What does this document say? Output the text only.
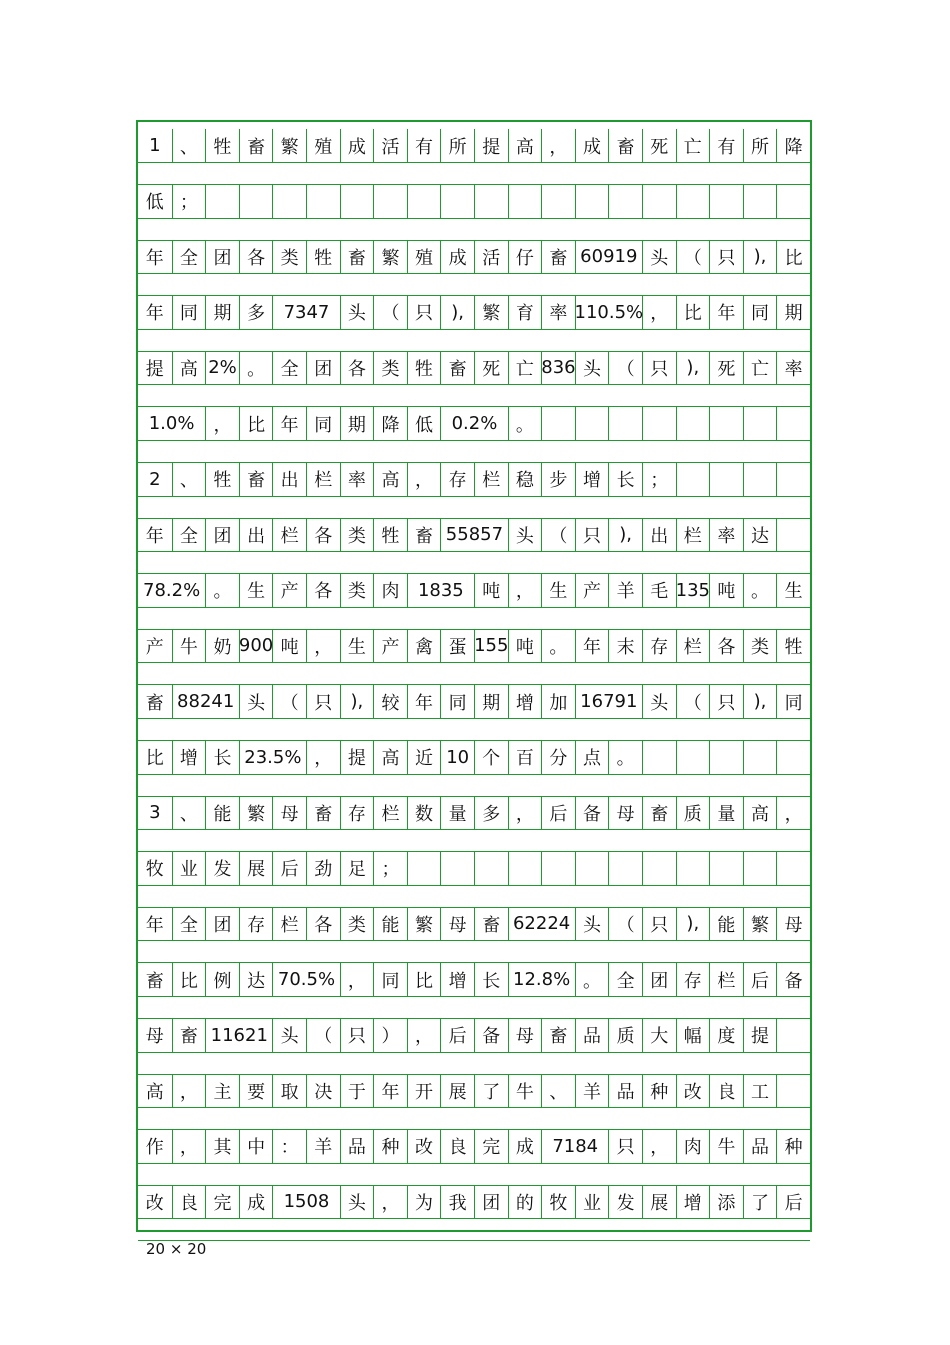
1 、 牲 畜 繁 殖 成 活 有 所 提 高 ， 成 畜 死 亡 有 所 降
低 ；
年 全 团 各 类 牲 畜 繁 殖 成 活 仔 畜 60919 头 （ 只 ), 比
年 同 期 多 7347 头 （ 只 ), 繁 育 率 110.5% ， 比 年 同 期
提 高 2% 。 全 团 各 类 牲 畜 死 亡 836 头 （ 只 ), 死 亡 率
1.0% ， 比 年 同 期 降 低 0.2% 。
2 、 牲 畜 出 栏 率 高 ， 存 栏 稳 步 增 长 ；
年 全 团 出 栏 各 类 牲 畜 55857 头 （ 只 ), 出 栏 率 达
78.2% 。 生 产 各 类 肉 1835 吨 ， 生 产 羊 毛 135 吨 。 生
产 牛 奶 900 吨 ， 生 产 禽 蛋 155 吨 。 年 末 存 栏 各 类 牲
畜 88241 头 （ 只 ), 较 年 同 期 增 加 16791 头 （ 只 ), 同
比 增 长 23.5% ， 提 高 近 10 个 百 分 点 。
3 、 能 繁 母 畜 存 栏 数 量 多 ， 后 备 母 畜 质 量 高 ，
牧 业 发 展 后 劲 足 ；
年 全 团 存 栏 各 类 能 繁 母 畜 62224 头 （ 只 ), 能 繁 母
畜 比 例 达 70.5% ， 同 比 增 长 12.8% 。 全 团 存 栏 后 备
母 畜 11621 头 （ 只 ） ， 后 备 母 畜 品 质 大 幅 度 提
高 ， 主 要 取 决 于 年 开 展 了 牛 、 羊 品 种 改 良 工
作 ， 其 中 ： 羊 品 种 改 良 完 成 7184 只 ， 肉 牛 品 种
改 良 完 成 1508 头 ， 为 我 团 的 牧 业 发 展 增 添 了 后
20 × 20
